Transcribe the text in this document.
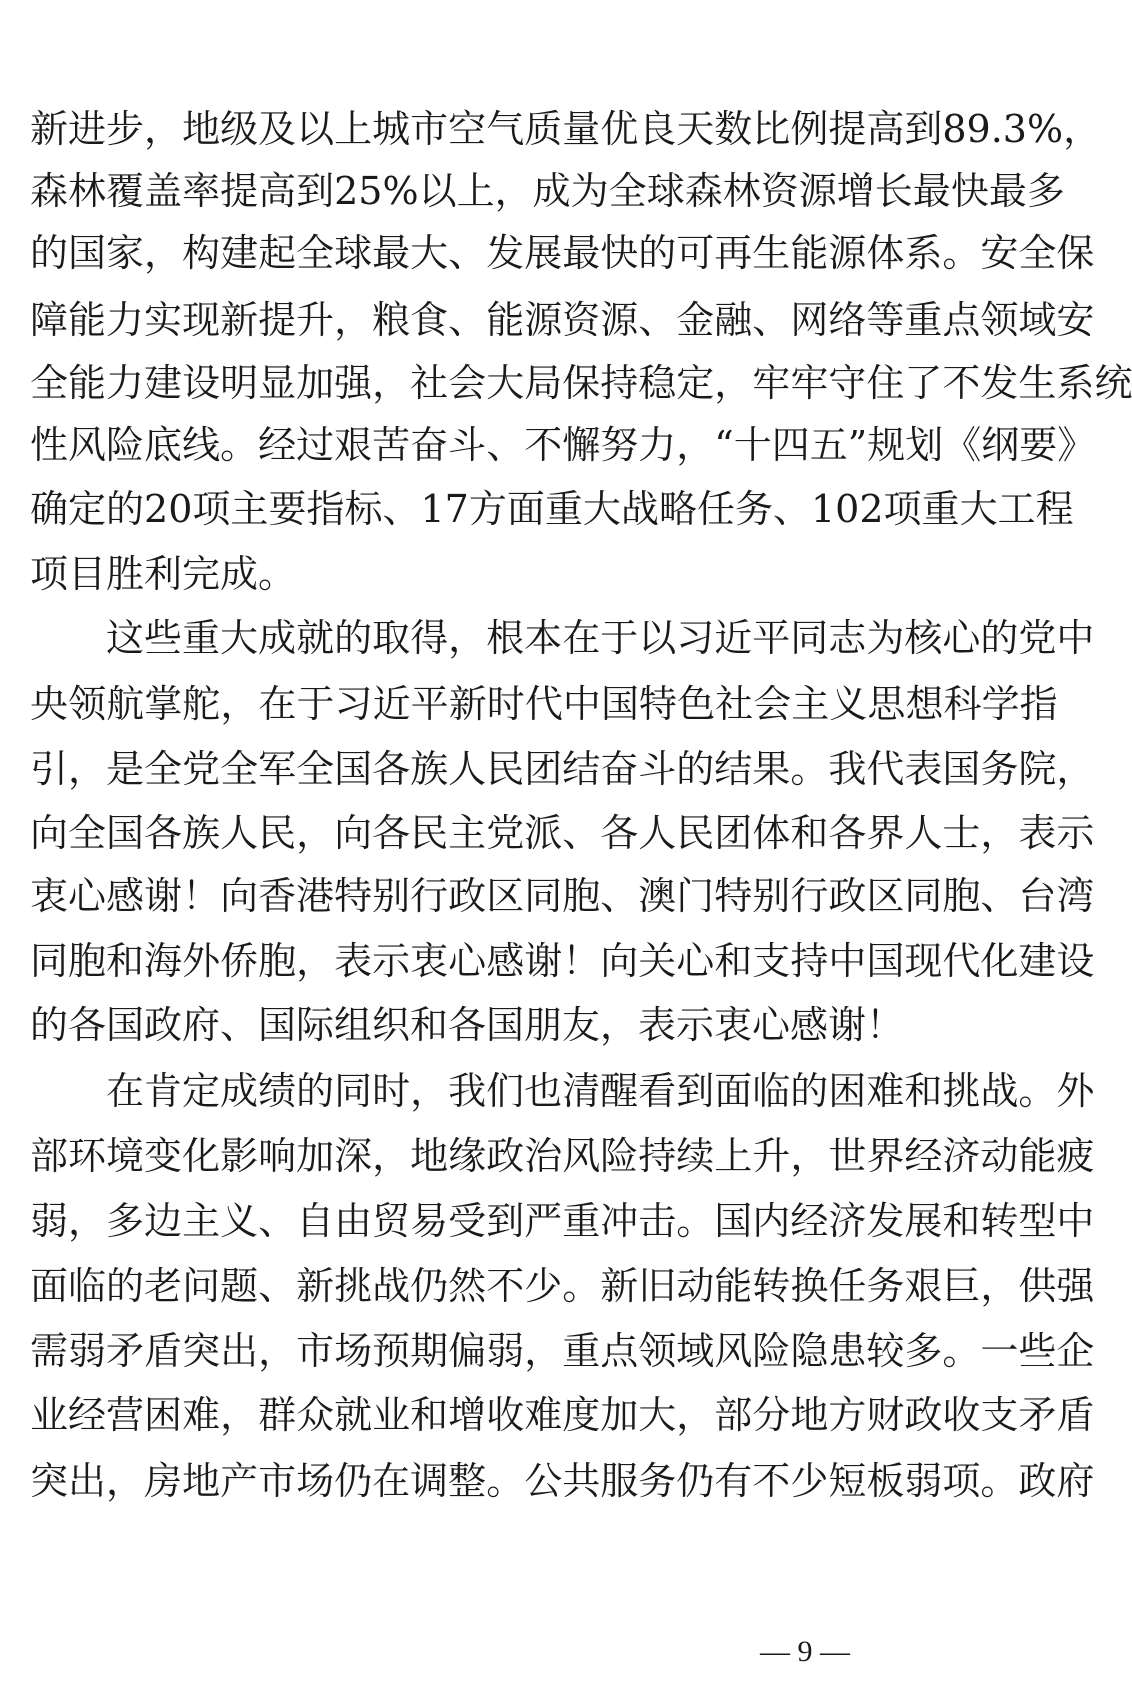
新 进 步 ， 地 级 及 以 上 城 市 空 气 质 量 优 良 天 数 比 例 提 高 到 89.3% ，
森 林 覆 盖 率 提 高 到 25% 以 上 ， 成 为 全 球 森 林 资 源 增 长 最 快 最 多
的 国 家 ， 构 建 起 全 球 最 大 、 发 展 最 快 的 可 再 生 能 源 体 系 。 安 全 保
障 能 力 实 现 新 提 升 ， 粮 食 、 能 源 资 源 、 金 融 、 网 络 等 重 点 领 域 安
全 能 力 建 设 明 显 加 强 ， 社 会 大 局 保 持 稳 定 ， 牢 牢 守 住 了 不 发 生 系 统
性 风 险 底 线 。 经 过 艰 苦 奋 斗 、 不 懈 努 力 ， “ 十 四 五 ” 规 划 《 纲 要 》
确 定 的 20 项 主 要 指 标 、 17 方 面 重 大 战 略 任 务 、 102 项 重 大 工 程
项目胜利完成。
这 些 重 大 成 就 的 取 得 ， 根 本 在 于 以 习 近 平 同 志 为 核 心 的 党 中
央 领 航 掌 舵 ， 在 于 习 近 平 新 时 代 中 国 特 色 社 会 主 义 思 想 科 学 指
引 ， 是 全 党 全 军 全 国 各 族 人 民 团 结 奋 斗 的 结 果 。 我 代 表 国 务 院 ，
向 全 国 各 族 人 民 ， 向 各 民 主 党 派 、 各 人 民 团 体 和 各 界 人 士 ， 表 示
衷 心 感 谢 ！ 向 香 港 特 别 行 政 区 同 胞 、 澳 门 特 别 行 政 区 同 胞 、 台 湾
同 胞 和 海 外 侨 胞 ， 表 示 衷 心 感 谢 ！ 向 关 心 和 支 持 中 国 现 代 化 建 设
的各国政府、国际组织和各国朋友，表示衷心感谢！
在 肯 定 成 绩 的 同 时 ， 我 们 也 清 醒 看 到 面 临 的 困 难 和 挑 战 。 外
部 环 境 变 化 影 响 加 深 ， 地 缘 政 治 风 险 持 续 上 升 ， 世 界 经 济 动 能 疲
弱 ， 多 边 主 义 、 自 由 贸 易 受 到 严 重 冲 击 。 国 内 经 济 发 展 和 转 型 中
面 临 的 老 问 题 、 新 挑 战 仍 然 不 少 。 新 旧 动 能 转 换 任 务 艰 巨 ， 供 强
需 弱 矛 盾 突 出 ， 市 场 预 期 偏 弱 ， 重 点 领 域 风 险 隐 患 较 多 。 一 些 企
业 经 营 困 难 ， 群 众 就 业 和 增 收 难 度 加 大 ， 部 分 地 方 财 政 收 支 矛 盾
突 出 ， 房 地 产 市 场 仍 在 调 整 。 公 共 服 务 仍 有 不 少 短 板 弱 项 。 政 府
— 9 —
